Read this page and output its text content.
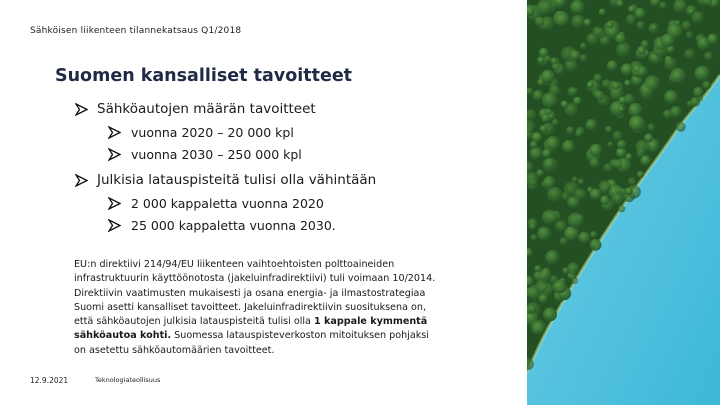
Sähköisen liikenteen tilannekatsaus Q1/2018
Suomen kansalliset tavoitteet
Sähköautojen määrän tavoitteet
vuonna 2020 – 20 000 kpl
vuonna 2030 – 250 000 kpl
Julkisia latauspisteitä tulisi olla vähintään
2 000 kappaletta vuonna 2020
25 000 kappaletta vuonna 2030.
EU:n direktiivi 214/94/EU liikenteen vaihtoehtoisten polttoaineiden
infrastruktuurin käyttöönotosta (jakeluinfradirektiivi) tuli voimaan 10/2014.
Direktiivin vaatimusten mukaisesti ja osana energia- ja ilmastostrategiaa
Suomi asetti kansalliset tavoitteet. Jakeluinfradirektiivin suosituksena on,
että sähköautojen julkisia latauspisteitä tulisi olla 1 kappale kymmentä
sähköautoa kohti. Suomessa latauspisteverkoston mitoituksen pohjaksi
on asetettu sähköautomäärien tavoitteet.
12.9.2021	Teknologiateollisuus
